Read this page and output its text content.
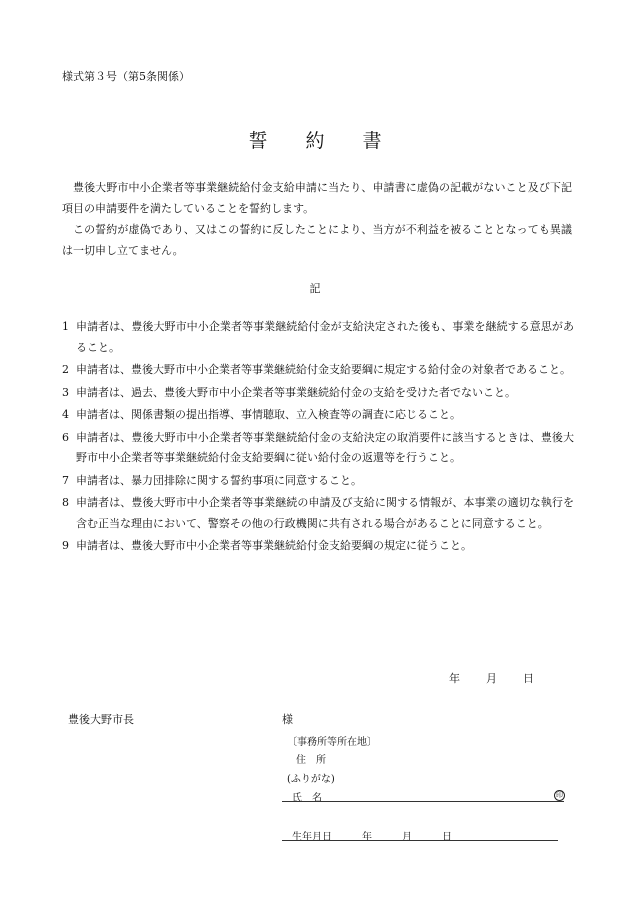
様式第３号（第5条関係）
誓 約 書

豊後大野市中小企業者等事業継続給付金支給申請に当たり、申請書に虚偽の記載がないこと及び下記項目の申請要件を満たしていることを誓約します。

この誓約が虚偽であり、又はこの誓約に反したことにより、当方が不利益を被ることとなっても異議は一切申し立てません。

記
1 申請者は、豊後大野市中小企業者等事業継続給付金が支給決定された後も、事業を継続する意思があること。
2 申請者は、豊後大野市中小企業者等事業継続給付金支給要綱に規定する給付金の対象者であること。
3 申請者は、過去、豊後大野市中小企業者等事業継続給付金の支給を受けた者でないこと。
4 申請者は、関係書類の提出指導、事情聴取、立入検査等の調査に応じること。
6 申請者は、豊後大野市中小企業者等事業継続給付金の支給決定の取消要件に該当するときは、豊後大野市中小企業者等事業継続給付金支給要綱に従い給付金の返還等を行うこと。
7 申請者は、暴力団排除に関する誓約事項に同意すること。
8 申請者は、豊後大野市中小企業者等事業継続の申請及び支給に関する情報が、本事業の適切な執行を含む正当な理由において、警察その他の行政機関に共有される場合があることに同意すること。
9 申請者は、豊後大野市中小企業者等事業継続給付金支給要綱の規定に従うこと。
年 月 日
豊後大野市長	様
〔事務所等所在地〕
住　所
(ふりがな)
氏　名	印
生年月日	年	月	日
